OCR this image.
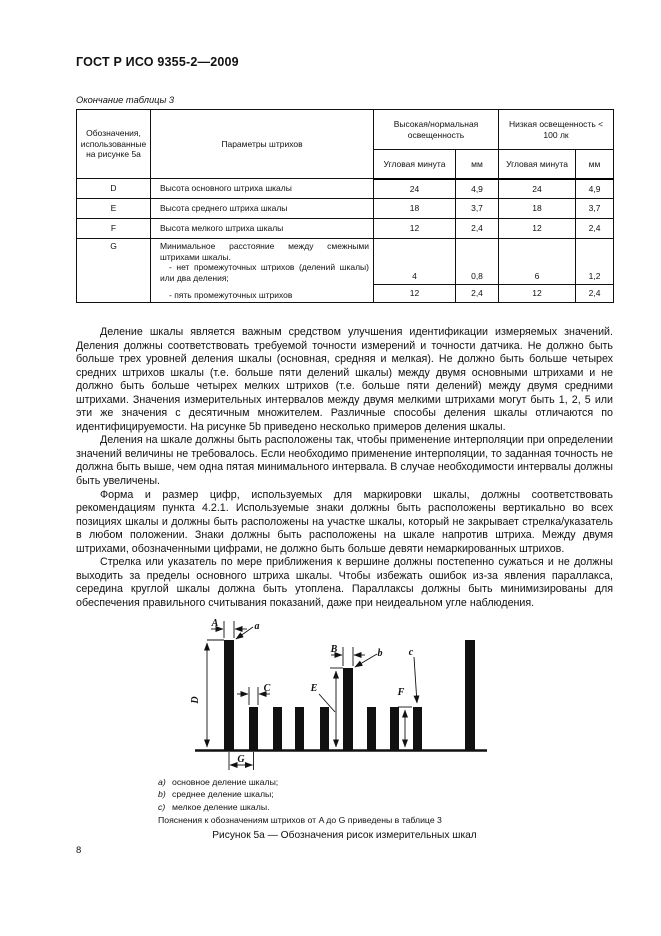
ГОСТ Р ИСО 9355-2—2009
Окончание таблицы 3
Обозначения, использованные на рисунке 5а	Параметры штрихов	Высокая/нормальная освещенность		Низкая освещенность < 100 лк	
		Угловая минута	мм	Угловая минута	мм
D	Высота основного штриха шкалы	24	4,9	24	4,9
E	Высота среднего штриха шкалы	18	3,7	18	3,7
F	Высота мелкого штриха шкалы	12	2,4	12	2,4
G	Минимальное расстояние между смежными штрихами шкалы.
- нет промежуточных штрихов (делений шкалы) или два деления;
- пять промежуточных штрихов	4	0,8	6	1,2
		12	2,4	12	2,4

Деление шкалы является важным средством улучшения идентификации измеряемых значений. Деления должны соответствовать требуемой точности измерений и точности датчика. Не должно быть больше трех уровней деления шкалы (основная, средняя и мелкая). Не должно быть больше четырех средних штрихов шкалы (т.е. больше пяти делений шкалы) между двумя основными штрихами и не должно быть больше четырех мелких штрихов (т.е. больше пяти делений) между двумя средними штрихами. Значения измерительных интервалов между двумя мелкими штрихами могут быть 1, 2, 5 или эти же значения с десятичным множителем. Различные способы деления шкалы отличаются по идентифицируемости. На рисунке 5b приведено несколько примеров деления шкалы.

Деления на шкале должны быть расположены так, чтобы применение интерполяции при определении значений величины не требовалось. Если необходимо применение интерполяции, то заданная точность не должна быть выше, чем одна пятая минимального интервала. В случае необходимости интервалы должны быть увеличены.

Форма и размер цифр, используемых для маркировки шкалы, должны соответствовать рекомендациям пункта 4.2.1. Используемые знаки должны быть расположены вертикально во всех позициях шкалы и должны быть расположены на участке шкалы, который не закрывает стрелка/указатель в любом положении. Знаки должны быть расположены на шкале напротив штриха. Между двумя штрихами, обозначенными цифрами, не должно быть больше девяти немаркированных штрихов.

Стрелка или указатель по мере приближения к вершине должны постепенно сужаться и не должны выходить за пределы основного штриха шкалы. Чтобы избежать ошибок из-за явления параллакса, середина круглой шкалы должна быть утоплена. Параллаксы должны быть минимизированы для обеспечения правильного считывания показаний, даже при неидеальном угле наблюдения.

A	a
D
C
B	b
E	F
c
G
a) основное деление шкалы;
b) среднее деление шкалы;
c) мелкое деление шкалы.
Пояснения к обозначениям штрихов от A до G приведены в таблице 3
Рисунок 5а — Обозначения рисок измерительных шкал
8
